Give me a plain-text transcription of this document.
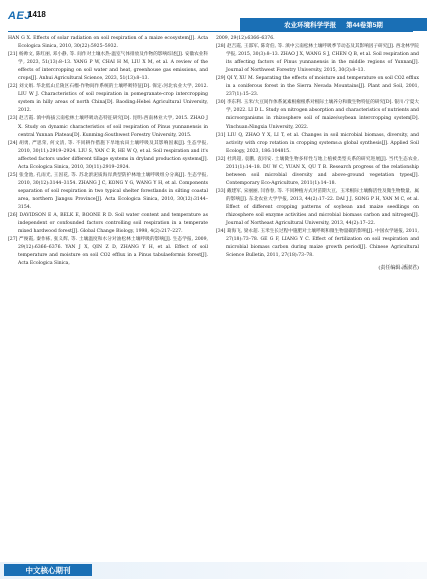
AEJ
1418
农业环境科学学报 第44卷第5期

HAN G X. Effects of solar radiation on soil respiration of a maize ecosystem[J]. Acta Ecologica Sinica, 2010, 30(22):5925–5932.

[21] 杨帅文, 陈红丽, 邓小静, 等. 间作对土壤水热-温室气体排放及作物的影响综述[J]. 安徽农业科学, 2023, 51(13):8–13. YANG P W, CHAI H M, LIU X M, et al. A review of the effects of intercropping on soil water and heat, greenhouse gas emissions, and crops[J]. Anhui Agricultural Science, 2023, 51(13):8–13.

[22] 刘文娟. 华北低山丘陵区石榴-作物间作系统的土壤呼吸特征[D]. 保定:河北农业大学, 2012. LIU W J. Characteristics of soil respiration in pomegranate-crop intercropping system in hilly areas of north China[D]. Baoding:Hebei Agricultural University, 2012.

[23] 赵吉霞. 滇中海拔云南松林土壤呼吸动态特征研究[D]. 昆明:西南林业大学, 2015. ZHAO J X. Study on dynamic characteristics of soil respiration of Pinus yunnanensis in central Yunnan Plateau[D]. Kunming:Southwest Forestry University, 2015.

[24] 胡勇, 严思荣, 何文清, 等. 不同耕作措施下旱地农田土壤呼吸及其影响因素[J]. 生态学报, 2010, 30(11):2919–2924. LIU S, YAN C R, HE W Q, et al. Soil respiration and it's affected factors under different tillage systems in dryland production systems[J]. Acta Ecologica Sinica, 2010, 30(11):2919–2924.

[25] 张金池, 孔雨光, 王因花, 等. 苏北淤泥质海岸典型防护林地土壤呼吸组分分离[J]. 生态学报, 2010, 30(12):3144–3154. ZHANG J C, KONG Y G, WANG Y H, et al. Components separation of soil respiration in two typical shelter forestlands in silting coastal area, northern Jiangsu Province[J]. Acta Ecologica Sinica, 2010, 30(12):3144–3154.

[26] DAVIDSON E A, BELK E, BOONE R D. Soil water content and temperature as independent or confounded factors controlling soil respiration in a temperate mixed hardwood forest[J]. Global Change Biology, 1998, 4(2):217–227.

[27] 严俊霞, 秦作栋, 张义辉, 等. 土壤温度和水分对油松林土壤呼吸的影响[J]. 生态学报, 2009, 29(12):6366–6376. YAN J X, QIN Z D, ZHANG Y H, et al. Effect of soil temperature and moisture on soil CO2 efflux in a Pinus tabulaeformis forest[J]. Acta Ecologica Sinica,

2009, 29(12):6366–6376.

[28] 赵吉霞, 王邵军, 陈奇伯, 等. 滇中云南松林土壤呼吸季节动态及其影响因子研究[J]. 西北林学院学报, 2015, 30(3):8–13. ZHAO J X, WANG S J, CHEN Q B, et al. Soil respiration and its affecting factors of Pinus yunnanensis in the middle regions of Yunnan[J]. Journal of Northwest Forestry University, 2015, 30(3):8–13.

[29] QI Y, XU M. Separating the effects of moisture and temperature on soil CO2 efflux in a coniferous forest in the Sierra Nevada Mountains[J]. Plant and Soil, 2001, 237(1):15–23.

[30] 李东利. 玉米/大豆间作体系氮素根瘤根系对根际土壤养分和微生物特征的研究[D]. 银川:宁夏大学, 2022. LI D L. Study on nitrogen absorption and characteristics of nutrients and microorganisms in rhizosphere soil of maize/soybean intercropping system[D]. Yinchuan:Ningxia University, 2022.

[31] LIU Q, ZHAO Y X, LI T, et al. Changes in soil microbial biomass, diversity, and activity with crop rotation in cropping systems:a global synthesis[J]. Applied Soil Ecology, 2023, 186:104815.

[32] 杜鸿超, 袁鹏, 袁同安. 土壤微生物多样性与地上植被类型关系的研究进展[J]. 当代生态农业, 2011(1):14–18. DU W C, YUAN X, QU T B. Research progress of the relationship between soil microbial diversity and above-ground vegetation types[J]. Contemporary Eco-Agriculture, 2011(1):14–18.

[33] 戴建军, 宋丽丽, 闫春春, 等. 不同种植方式对苗期大豆、玉米根际土壤酶活性及微生物数量、属的影响[J]. 东北农业大学学报, 2013, 44(2):17–22. DAI J J, SONG P H, YAN M C, et al. Effect of different cropping patterns of soybean and maize seedlings on rhizosphere soil enzyme activities and microbial biomass carbon and nitrogen[J]. Journal of Northeast Agricultural University, 2013, 44(2):17–22.

[34] 葛海飞, 梁永超. 玉米生长过程中施肥对土壤呼吸和微生物量碳的影响[J]. 中国农学通报, 2011, 27(18):73–78. GE G F, LIANG Y C. Effect of fertilization on soil respiration and microbial biomass carbon during maize growth period[J]. Chinese Agricultural Science Bulletin, 2011, 27(18):73–78.

(责任编辑:潘淑君)
中文核心期刊
